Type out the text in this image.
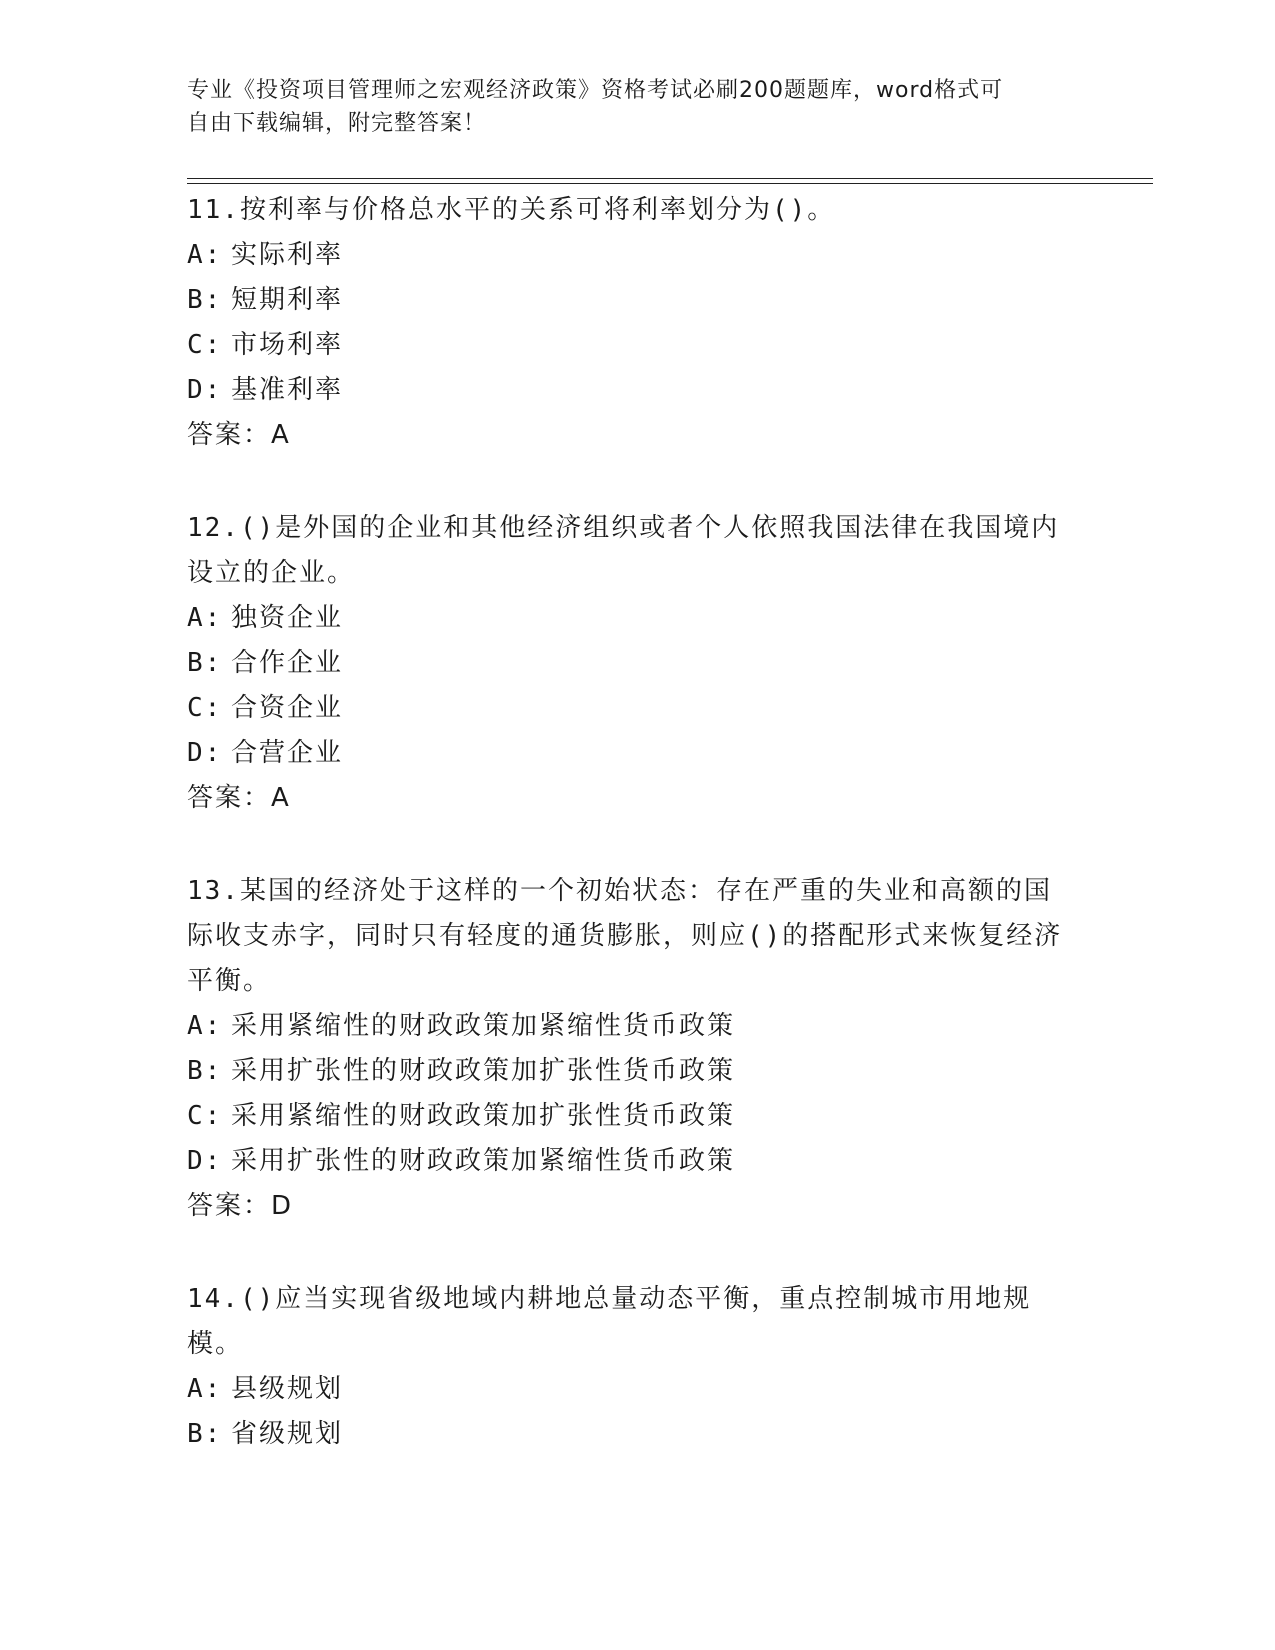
专业《投资项目管理师之宏观经济政策》资格考试必刷200题题库，word格式可
自由下载编辑，附完整答案！
11.按利率与价格总水平的关系可将利率划分为()。
A: 实际利率
B: 短期利率
C: 市场利率
D: 基准利率
答案：A
12.()是外国的企业和其他经济组织或者个人依照我国法律在我国境内设立的企业。
A: 独资企业
B: 合作企业
C: 合资企业
D: 合营企业
答案：A
13.某国的经济处于这样的一个初始状态：存在严重的失业和高额的国际收支赤字，同时只有轻度的通货膨胀，则应()的搭配形式来恢复经济平衡。
A: 采用紧缩性的财政政策加紧缩性货币政策
B: 采用扩张性的财政政策加扩张性货币政策
C: 采用紧缩性的财政政策加扩张性货币政策
D: 采用扩张性的财政政策加紧缩性货币政策
答案：D
14.()应当实现省级地域内耕地总量动态平衡，重点控制城市用地规模。
A: 县级规划
B: 省级规划
